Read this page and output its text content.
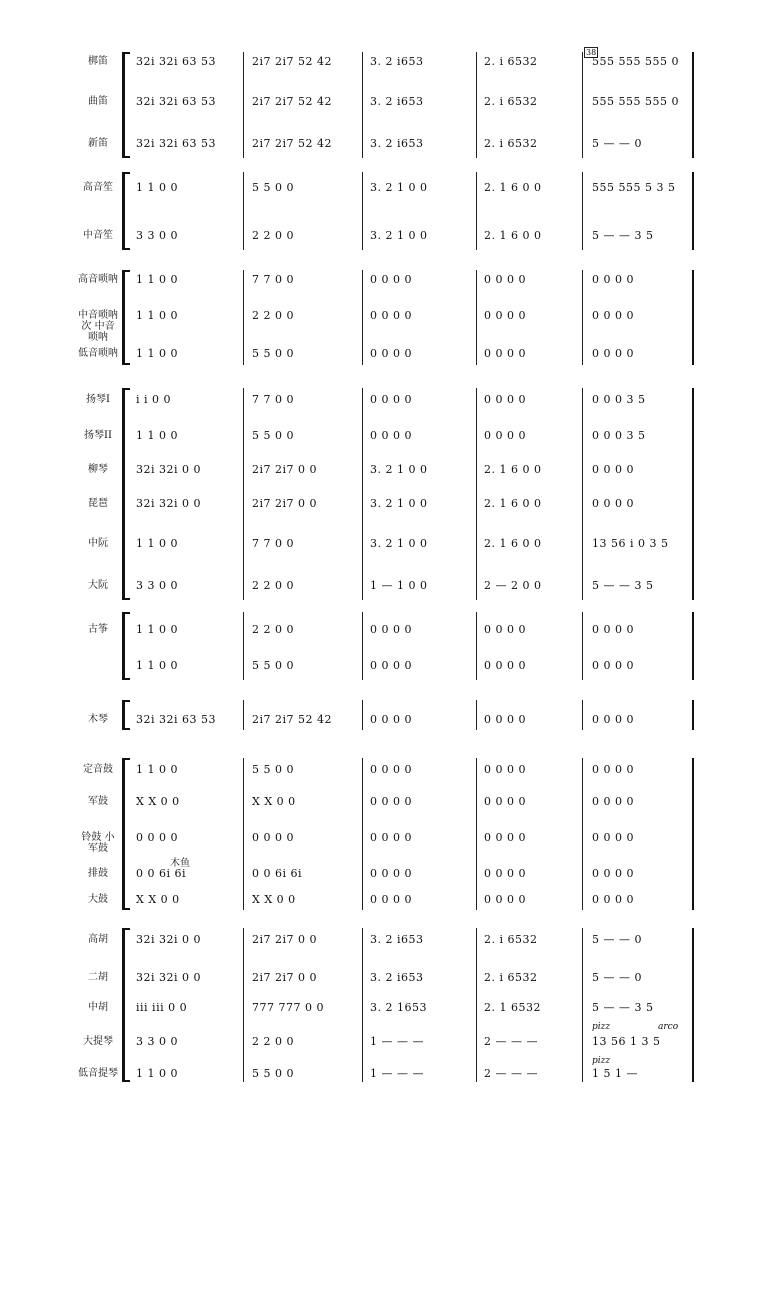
38
pizz	arco
pizz
木鱼
梆笛	32i 32i 63 53	2i7 2i7 52 42	3. 2 i653	2. i 6532	555 555 555 0
曲笛	32i 32i 63 53	2i7 2i7 52 42	3. 2 i653	2. i 6532	555 555 555 0
新笛	32i 32i 63 53	2i7 2i7 52 42	3. 2 i653	2. i 6532	5 — — 0
高音笙	1 1 0 0	5 5 0 0	3. 2 1 0 0	2. 1 6 0 0	555 555 5 3 5
中音笙	3 3 0 0	2 2 0 0	3. 2 1 0 0	2. 1 6 0 0	5 — — 3 5
高音唢呐 1 1 0 0	7 7 0 0	0 0 0 0	0 0 0 0	0 0 0 0
中音唢呐 次 中音唢呐
1 1 0 0	2 2 0 0	0 0 0 0	0 0 0 0	0 0 0 0
低音唢呐 1 1 0 0	5 5 0 0	0 0 0 0	0 0 0 0	0 0 0 0
扬琴I	i i 0 0	7 7 0 0	0 0 0 0	0 0 0 0	0 0 0 3 5
扬琴II	1 1 0 0	5 5 0 0	0 0 0 0	0 0 0 0	0 0 0 3 5
柳琴	32i 32i 0 0	2i7 2i7 0 0	3. 2 1 0 0	2. 1 6 0 0	0 0 0 0
琵琶	32i 32i 0 0	2i7 2i7 0 0	3. 2 1 0 0	2. 1 6 0 0	0 0 0 0
中阮	1 1 0 0	7 7 0 0	3. 2 1 0 0	2. 1 6 0 0	13 56 i 0 3 5
大阮	3 3 0 0	2 2 0 0	1 — 1 0 0	2 — 2 0 0	5 — — 3 5
古筝	1 1 0 0	2 2 0 0	0 0 0 0	0 0 0 0	0 0 0 0
1 1 0 0	5 5 0 0	0 0 0 0	0 0 0 0	0 0 0 0
木琴	32i 32i 63 53	2i7 2i7 52 42	0 0 0 0	0 0 0 0	0 0 0 0
定音鼓	1 1 0 0	5 5 0 0	0 0 0 0	0 0 0 0	0 0 0 0
军鼓	X X 0 0	X X 0 0	0 0 0 0	0 0 0 0	0 0 0 0
铃鼓 小军鼓
0 0 0 0	0 0 0 0	0 0 0 0	0 0 0 0	0 0 0 0
排鼓	0 0 6i 6i	0 0 6i 6i	0 0 0 0	0 0 0 0	0 0 0 0
大鼓	X X 0 0	X X 0 0	0 0 0 0	0 0 0 0	0 0 0 0
高胡	32i 32i 0 0	2i7 2i7 0 0	3. 2 i653	2. i 6532	5 — — 0
二胡	32i 32i 0 0	2i7 2i7 0 0	3. 2 i653	2. i 6532	5 — — 0
中胡	iii iii 0 0	777 777 0 0	3. 2 1653	2. 1 6532	5 — — 3 5
大提琴	3 3 0 0	2 2 0 0	1 — — —	2 — — —	13 56 1 3 5
低音提琴 1 1 0 0	5 5 0 0	1 — — —	2 — — —	1 5 1 —
